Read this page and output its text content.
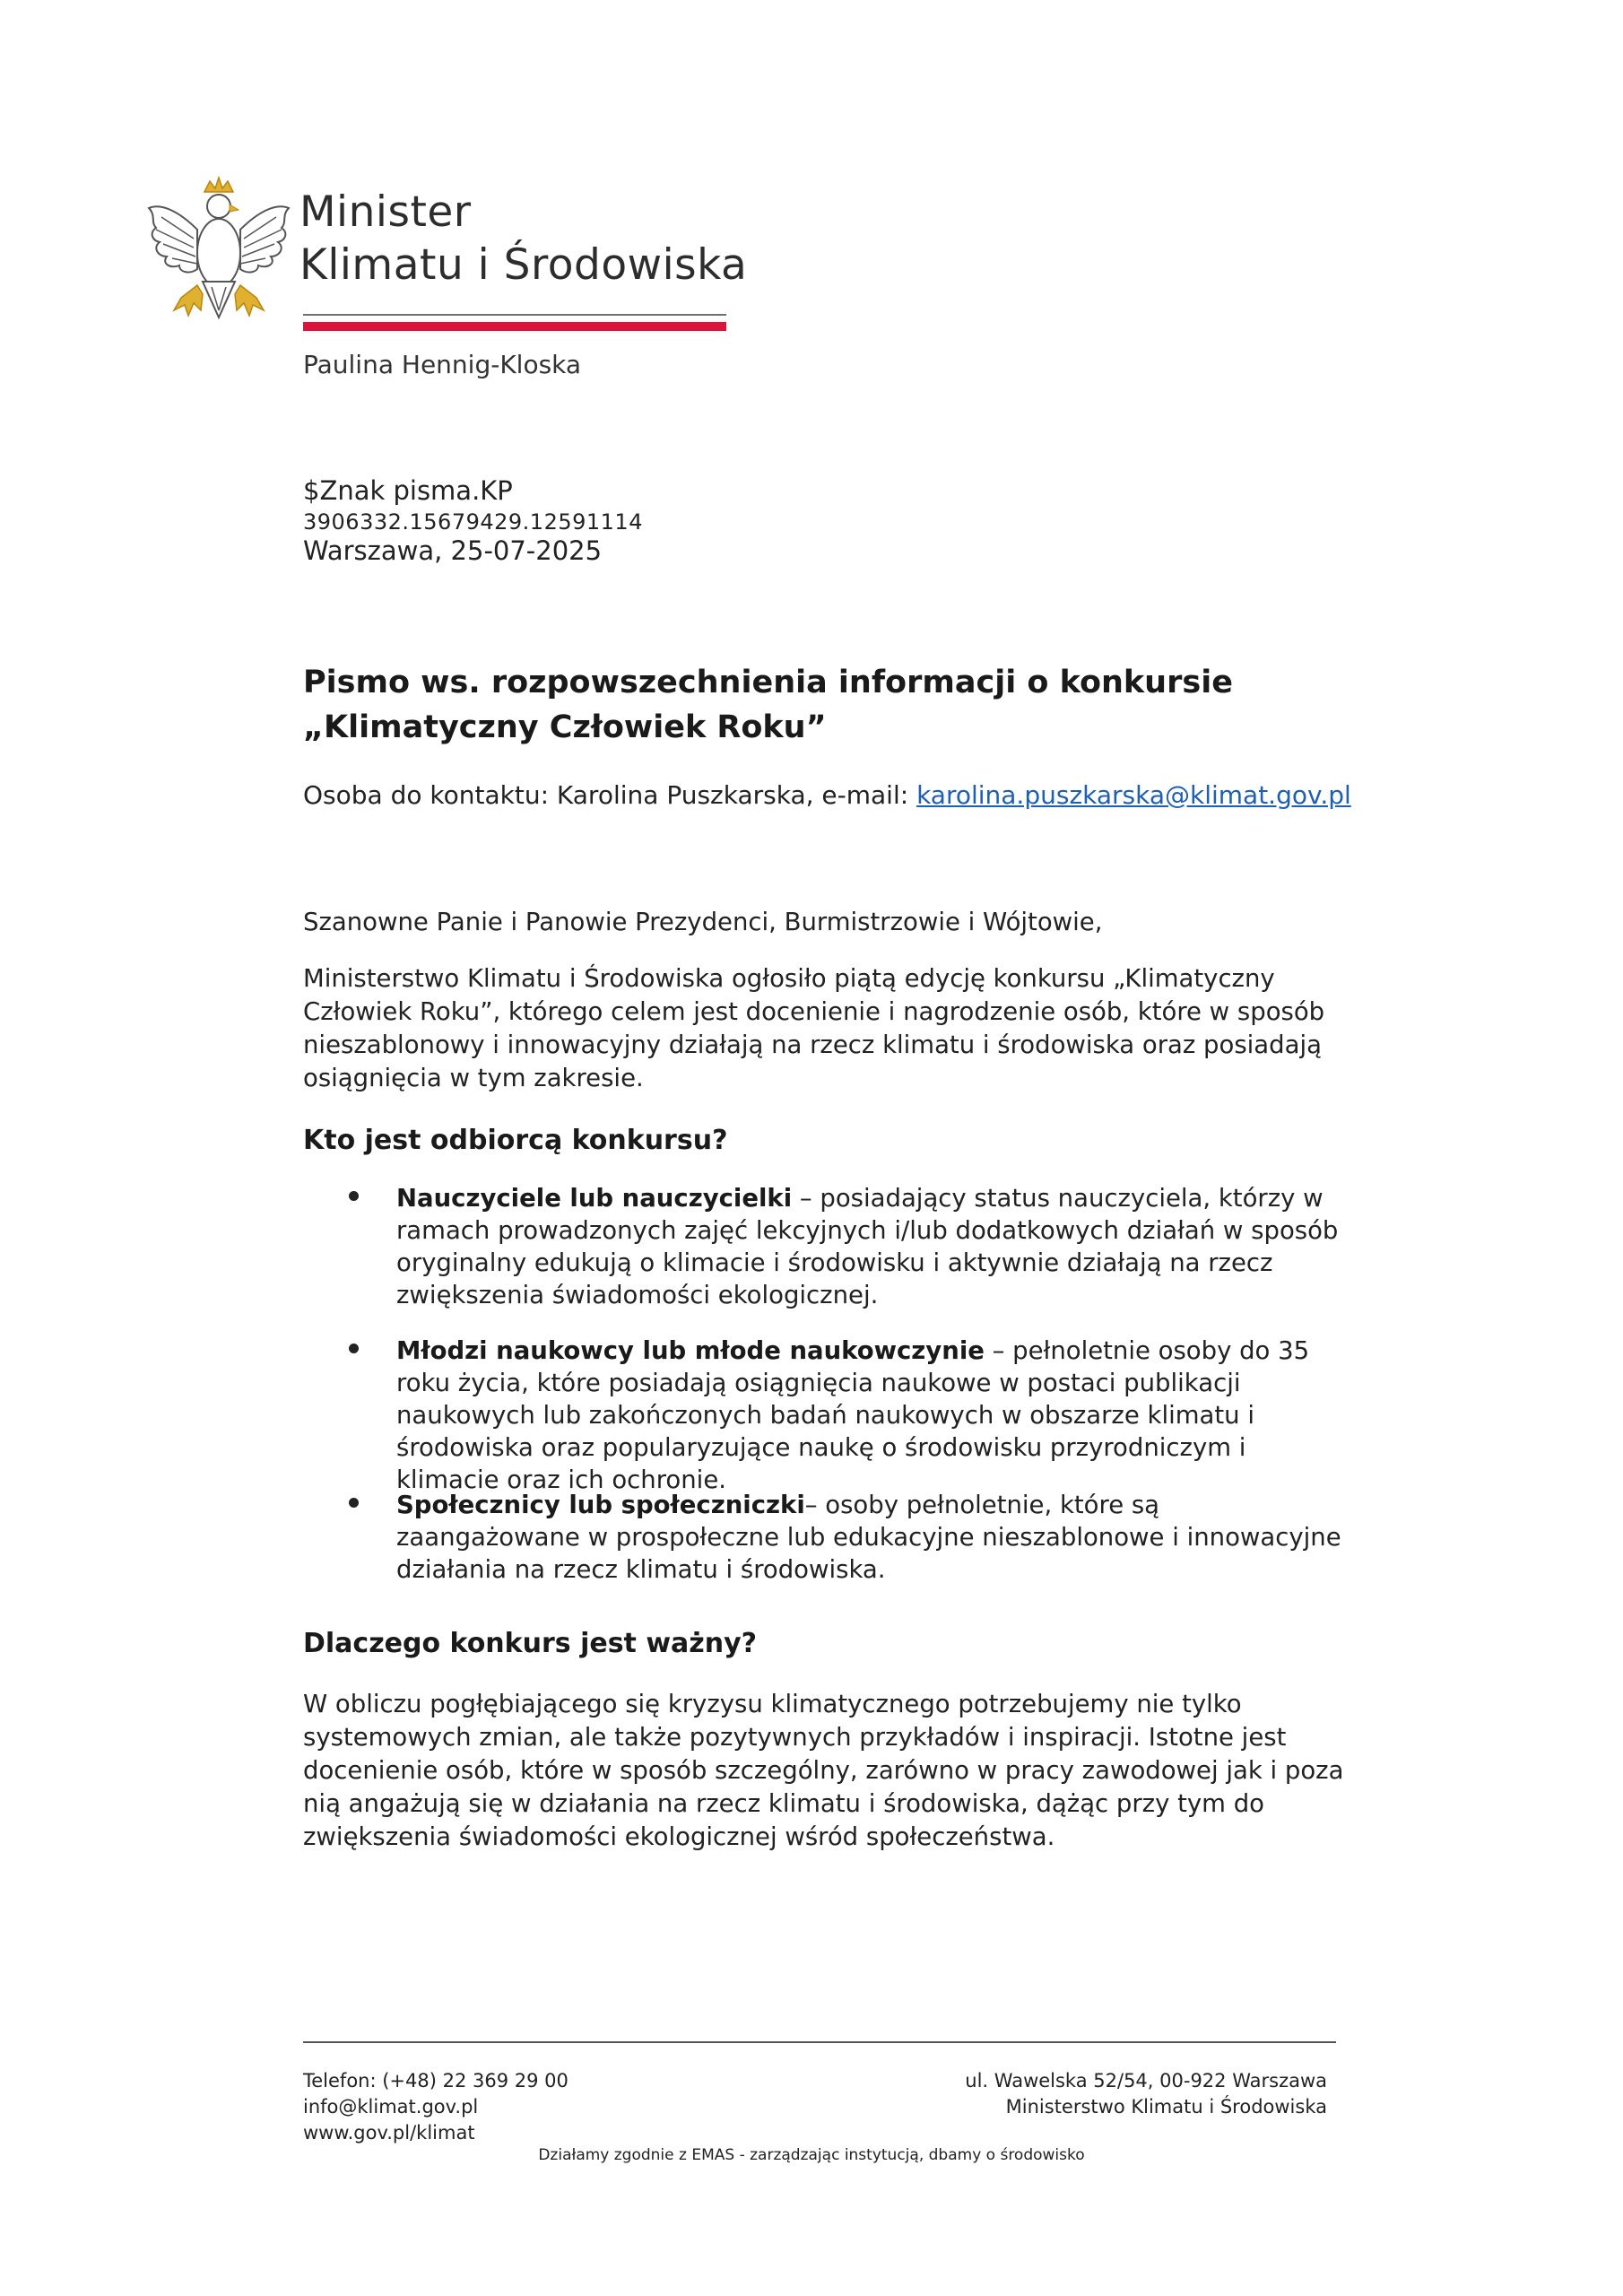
Minister
Klimatu i Środowiska
Paulina Hennig-Kloska
$Znak pisma.KP
3906332.15679429.12591114
Warszawa, 25-07-2025
Pismo ws. rozpowszechnienia informacji o konkursie „Klimatyczny Człowiek Roku”
Osoba do kontaktu: Karolina Puszkarska, e-mail: karolina.puszkarska@klimat.gov.pl
Szanowne Panie i Panowie Prezydenci, Burmistrzowie i Wójtowie,
Ministerstwo Klimatu i Środowiska ogłosiło piątą edycję konkursu „Klimatyczny Człowiek Roku”, którego celem jest docenienie i nagrodzenie osób, które w sposób nieszablonowy i innowacyjny działają na rzecz klimatu i środowiska oraz posiadają osiągnięcia w tym zakresie.
Kto jest odbiorcą konkursu?
Nauczyciele lub nauczycielki – posiadający status nauczyciela, którzy w ramach prowadzonych zajęć lekcyjnych i/lub dodatkowych działań w sposób oryginalny edukują o klimacie i środowisku i aktywnie działają na rzecz zwiększenia świadomości ekologicznej.
Młodzi naukowcy lub młode naukowczynie – pełnoletnie osoby do 35 roku życia, które posiadają osiągnięcia naukowe w postaci publikacji naukowych lub zakończonych badań naukowych w obszarze klimatu i środowiska oraz popularyzujące naukę o środowisku przyrodniczym i klimacie oraz ich ochronie.
Społecznicy lub społeczniczki– osoby pełnoletnie, które są zaangażowane w prospołeczne lub edukacyjne nieszablonowe i innowacyjne działania na rzecz klimatu i środowiska.
Dlaczego konkurs jest ważny?
W obliczu pogłębiającego się kryzysu klimatycznego potrzebujemy nie tylko systemowych zmian, ale także pozytywnych przykładów i inspiracji. Istotne jest docenienie osób, które w sposób szczególny, zarówno w pracy zawodowej jak i poza nią angażują się w działania na rzecz klimatu i środowiska, dążąc przy tym do zwiększenia świadomości ekologicznej wśród społeczeństwa.
Telefon: (+48) 22 369 29 00
info@klimat.gov.pl
www.gov.pl/klimat
ul. Wawelska 52/54, 00-922 Warszawa
Ministerstwo Klimatu i Środowiska
Działamy zgodnie z EMAS - zarządzając instytucją, dbamy o środowisko
